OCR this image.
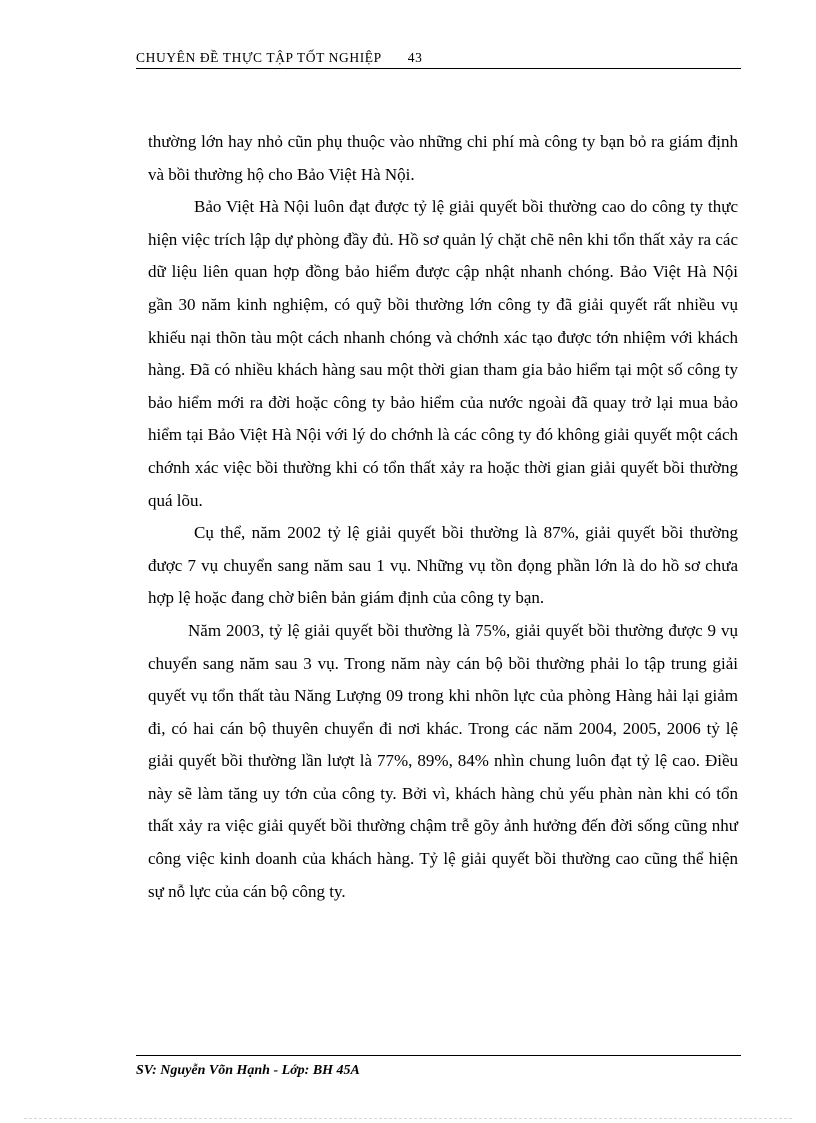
CHUYÊN ĐỀ THỰC TẬP TỐT NGHIỆP 43

thường lớn hay nhỏ cũn phụ thuộc vào những chi phí mà công ty bạn bỏ ra giám định và bồi thường hộ cho Bảo Việt Hà Nội.

Bảo Việt Hà Nội luôn đạt được tỷ lệ giải quyết bồi thường cao do công ty thực hiện việc trích lập dự phòng đầy đủ. Hồ sơ quản lý chặt chẽ nên khi tổn thất xảy ra các dữ liệu liên quan hợp đồng bảo hiểm được cập nhật nhanh chóng. Bảo Việt Hà Nội gần 30 năm kinh nghiệm, có quỹ bồi thường lớn công ty đã giải quyết rất nhiều vụ khiếu nại thõn tàu một cách nhanh chóng và chớnh xác tạo được tớn nhiệm với khách hàng. Đã có nhiều khách hàng sau một thời gian tham gia bảo hiểm tại một số công ty bảo hiểm mới ra đời hoặc công ty bảo hiểm của nước ngoài đã quay trở lại mua bảo hiểm tại Bảo Việt Hà Nội với lý do chớnh là các công ty đó không giải quyết một cách chớnh xác việc bồi thường khi có tổn thất xảy ra hoặc thời gian giải quyết bồi thường quá lõu.

Cụ thể, năm 2002 tỷ lệ giải quyết bồi thường là 87%, giải quyết bồi thường được 7 vụ chuyển sang năm sau 1 vụ. Những vụ tồn đọng phần lớn là do hồ sơ chưa hợp lệ hoặc đang chờ biên bản giám định của công ty bạn.

Năm 2003, tỷ lệ giải quyết bồi thường là 75%, giải quyết bồi thường được 9 vụ chuyển sang năm sau 3 vụ. Trong năm này cán bộ bồi thường phải lo tập trung giải quyết vụ tổn thất tàu Năng Lượng 09 trong khi nhõn lực của phòng Hàng hải lại giảm đi, có hai cán bộ thuyên chuyển đi nơi khác. Trong các năm 2004, 2005, 2006 tỷ lệ giải quyết bồi thường lần lượt là 77%, 89%, 84% nhìn chung luôn đạt tỷ lệ cao. Điều này sẽ làm tăng uy tớn của công ty. Bởi vì, khách hàng chủ yếu phàn nàn khi có tổn thất xảy ra việc giải quyết bồi thường chậm trễ gõy ảnh hưởng đến đời sống cũng như công việc kinh doanh của khách hàng. Tỷ lệ giải quyết bồi thường cao cũng thể hiện sự nỗ lực của cán bộ công ty.

SV: Nguyễn Võn Hạnh - Lớp: BH 45A
